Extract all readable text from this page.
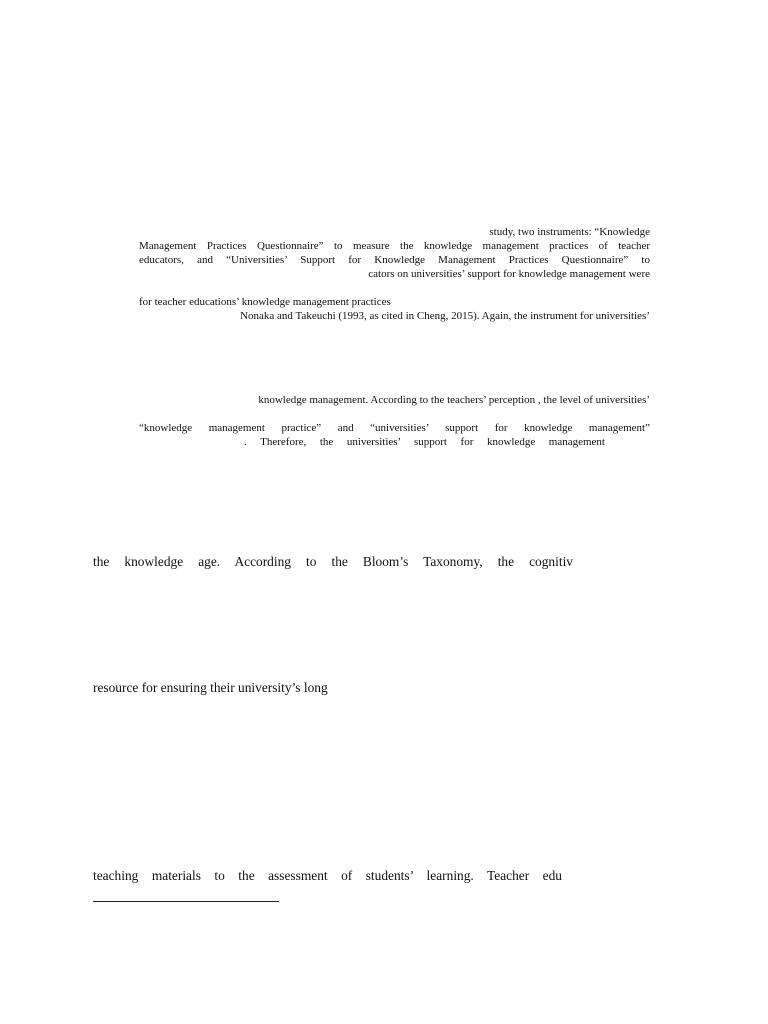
study, two instruments: “Knowledge
Management Practices Questionnaire” to measure the knowledge management practices of teacher
educators, and “Universities’ Support for Knowledge Management Practices Questionnaire” to
cators on universities’ support for knowledge management were
for teacher educations’ knowledge management practices
Nonaka and Takeuchi (1993, as cited in Cheng, 2015). Again, the instrument for universities’
knowledge management. According to the teachers’ perception , the level of universities’
“knowledge management practice” and “universities’ support for knowledge management”
. Therefore, the universities’ support for knowledge management
the knowledge age. According to the Bloom’s Taxonomy, the cognitiv
resource for ensuring their university’s long
teaching materials to the assessment of students’ learning. Teacher edu
